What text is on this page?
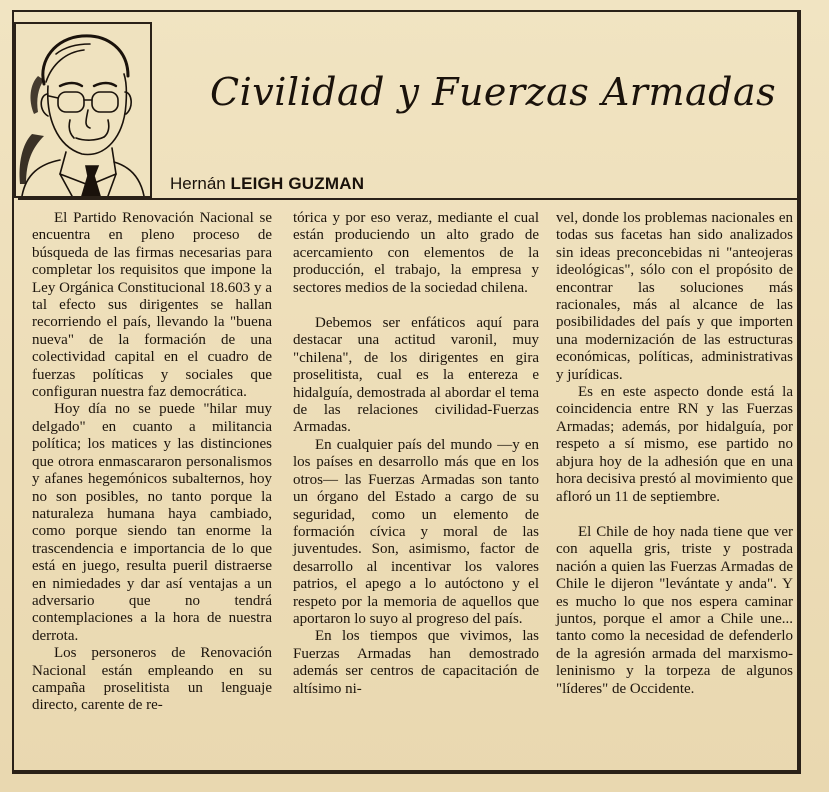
Civilidad y Fuerzas Armadas
Hernán LEIGH GUZMAN

El Partido Renovación Nacional se encuentra en pleno proceso de búsqueda de las firmas necesarias para completar los requisitos que impone la Ley Orgánica Constitucional 18.603 y a tal efecto sus dirigentes se hallan recorriendo el país, llevando la "buena nueva" de la formación de una colectividad capital en el cuadro de fuerzas políticas y sociales que configuran nuestra faz democrática.

Hoy día no se puede "hilar muy delgado" en cuanto a militancia política; los matices y las distinciones que otrora enmascararon personalismos y afanes hegemónicos subalternos, hoy no son posibles, no tanto porque la naturaleza humana haya cambiado, como porque siendo tan enorme la trascendencia e importancia de lo que está en juego, resulta pueril distraerse en nimiedades y dar así ventajas a un adversario que no tendrá contemplaciones a la hora de nuestra derrota.

Los personeros de Renovación Nacional están empleando en su campaña proselitista un lenguaje directo, carente de re-

tórica y por eso veraz, mediante el cual están produciendo un alto grado de acercamiento con elementos de la producción, el trabajo, la empresa y sectores medios de la sociedad chilena.

Debemos ser enfáticos aquí para destacar una actitud varonil, muy "chilena", de los dirigentes en gira proselitista, cual es la entereza e hidalguía, demostrada al abordar el tema de las relaciones civilidad-Fuerzas Armadas.

En cualquier país del mundo —y en los países en desarrollo más que en los otros— las Fuerzas Armadas son tanto un órgano del Estado a cargo de su seguridad, como un elemento de formación cívica y moral de las juventudes. Son, asimismo, factor de desarrollo al incentivar los valores patrios, el apego a lo autóctono y el respeto por la memoria de aquellos que aportaron lo suyo al progreso del país.

En los tiempos que vivimos, las Fuerzas Armadas han demostrado además ser centros de capacitación de altísimo ni-

vel, donde los problemas nacionales en todas sus facetas han sido analizados sin ideas preconcebidas ni "anteojeras ideológicas", sólo con el propósito de encontrar las soluciones más racionales, más al alcance de las posibilidades del país y que importen una modernización de las estructuras económicas, políticas, administrativas y jurídicas.

Es en este aspecto donde está la coincidencia entre RN y las Fuerzas Armadas; además, por hidalguía, por respeto a sí mismo, ese partido no abjura hoy de la adhesión que en una hora decisiva prestó al movimiento que afloró un 11 de septiembre.

El Chile de hoy nada tiene que ver con aquella gris, triste y postrada nación a quien las Fuerzas Armadas de Chile le dijeron "levántate y anda". Y es mucho lo que nos espera caminar juntos, porque el amor a Chile une... tanto como la necesidad de defenderlo de la agresión armada del marxismo-leninismo y la torpeza de algunos "líderes" de Occidente.
